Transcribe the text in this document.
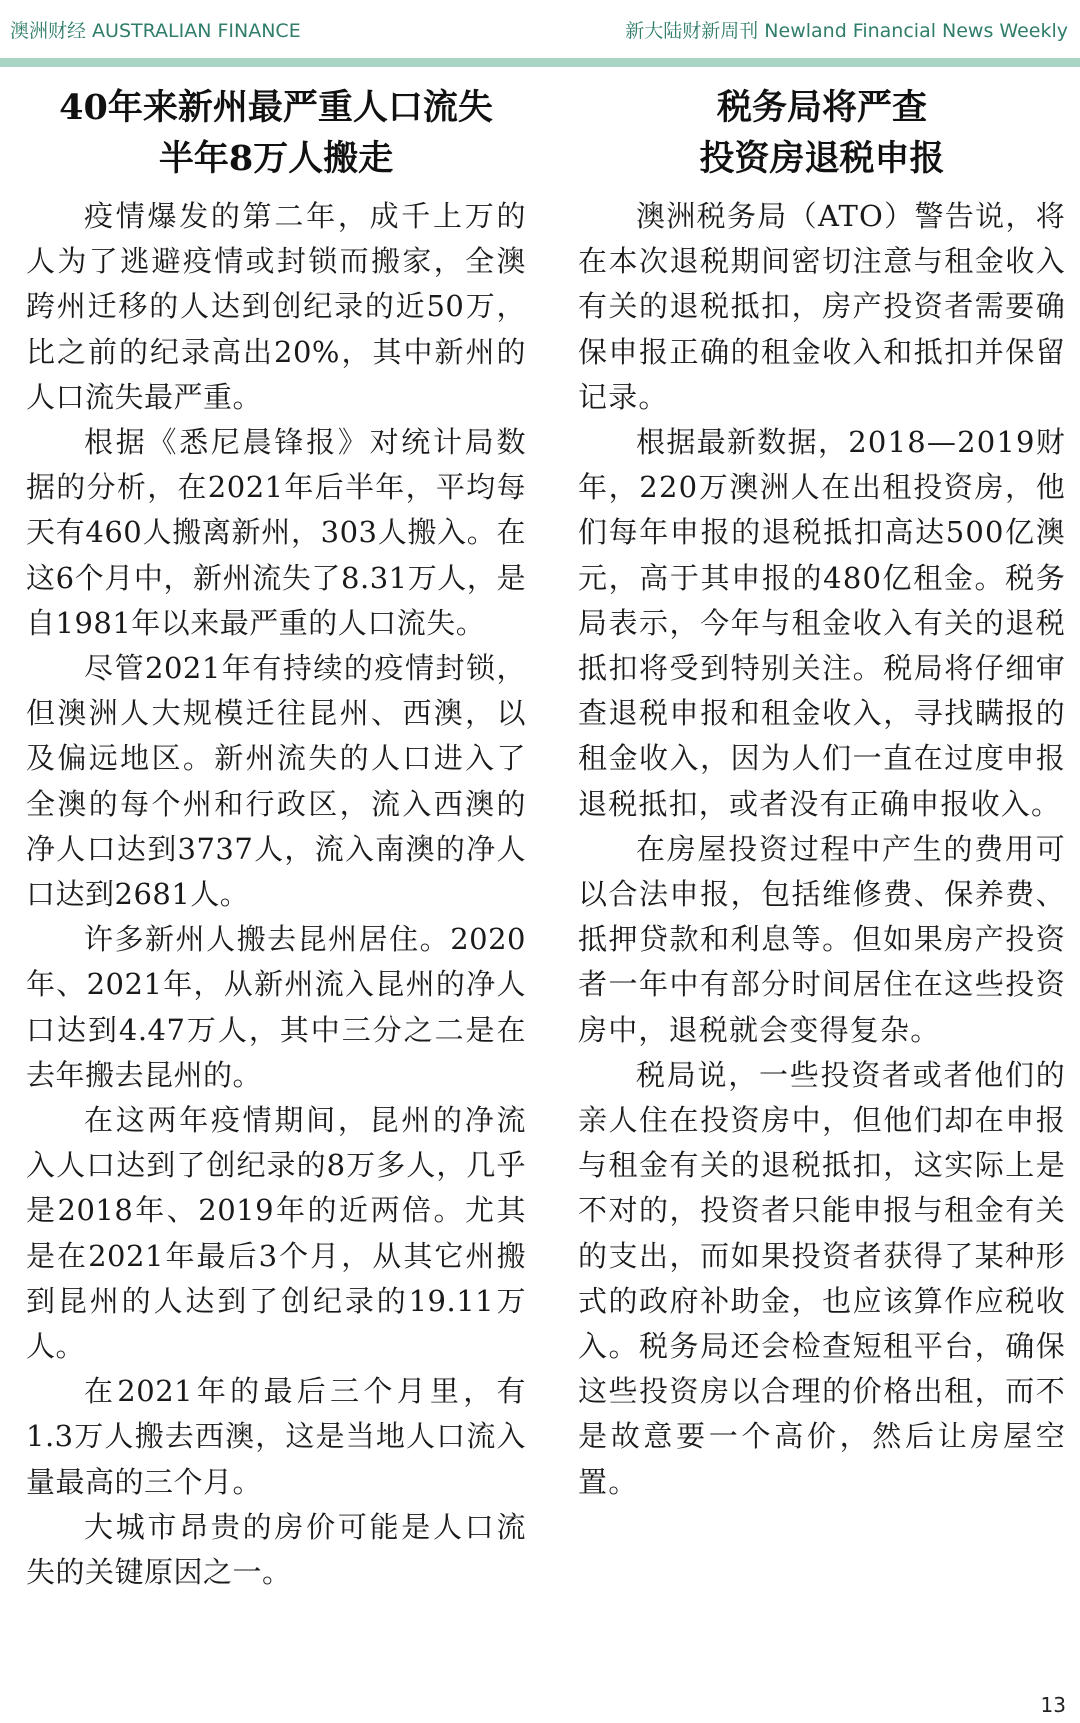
澳洲财经 AUSTRALIAN FINANCE	新大陆财新周刊 Newland Financial News Weekly
40年来新州最严重人口流失
半年8万人搬走

疫情爆发的第二年，成千上万的人为了逃避疫情或封锁而搬家，全澳跨州迁移的人达到创纪录的近50万，比之前的纪录高出20%，其中新州的人口流失最严重。

根据《悉尼晨锋报》对统计局数据的分析，在2021年后半年，平均每天有460人搬离新州，303人搬入。在这6个月中，新州流失了8.31万人，是自1981年以来最严重的人口流失。

尽管2021年有持续的疫情封锁，但澳洲人大规模迁往昆州、西澳，以及偏远地区。新州流失的人口进入了全澳的每个州和行政区，流入西澳的净人口达到3737人，流入南澳的净人口达到2681人。

许多新州人搬去昆州居住。2020年、2021年，从新州流入昆州的净人口达到4.47万人，其中三分之二是在去年搬去昆州的。

在这两年疫情期间，昆州的净流入人口达到了创纪录的8万多人，几乎是2018年、2019年的近两倍。尤其是在2021年最后3个月，从其它州搬到昆州的人达到了创纪录的19.11万人。

在2021年的最后三个月里，有1.3万人搬去西澳，这是当地人口流入量最高的三个月。

大城市昂贵的房价可能是人口流失的关键原因之一。

税务局将严查
投资房退税申报

澳洲税务局（ATO）警告说，将在本次退税期间密切注意与租金收入有关的退税抵扣，房产投资者需要确保申报正确的租金收入和抵扣并保留记录。

根据最新数据，2018—2019财年，220万澳洲人在出租投资房，他们每年申报的退税抵扣高达500亿澳元，高于其申报的480亿租金。税务局表示，今年与租金收入有关的退税抵扣将受到特别关注。税局将仔细审查退税申报和租金收入，寻找瞒报的租金收入，因为人们一直在过度申报退税抵扣，或者没有正确申报收入。

在房屋投资过程中产生的费用可以合法申报，包括维修费、保养费、抵押贷款和利息等。但如果房产投资者一年中有部分时间居住在这些投资房中，退税就会变得复杂。

税局说，一些投资者或者他们的亲人住在投资房中，但他们却在申报与租金有关的退税抵扣，这实际上是不对的，投资者只能申报与租金有关的支出，而如果投资者获得了某种形式的政府补助金，也应该算作应税收入。税务局还会检查短租平台，确保这些投资房以合理的价格出租，而不是故意要一个高价，然后让房屋空置。

13
